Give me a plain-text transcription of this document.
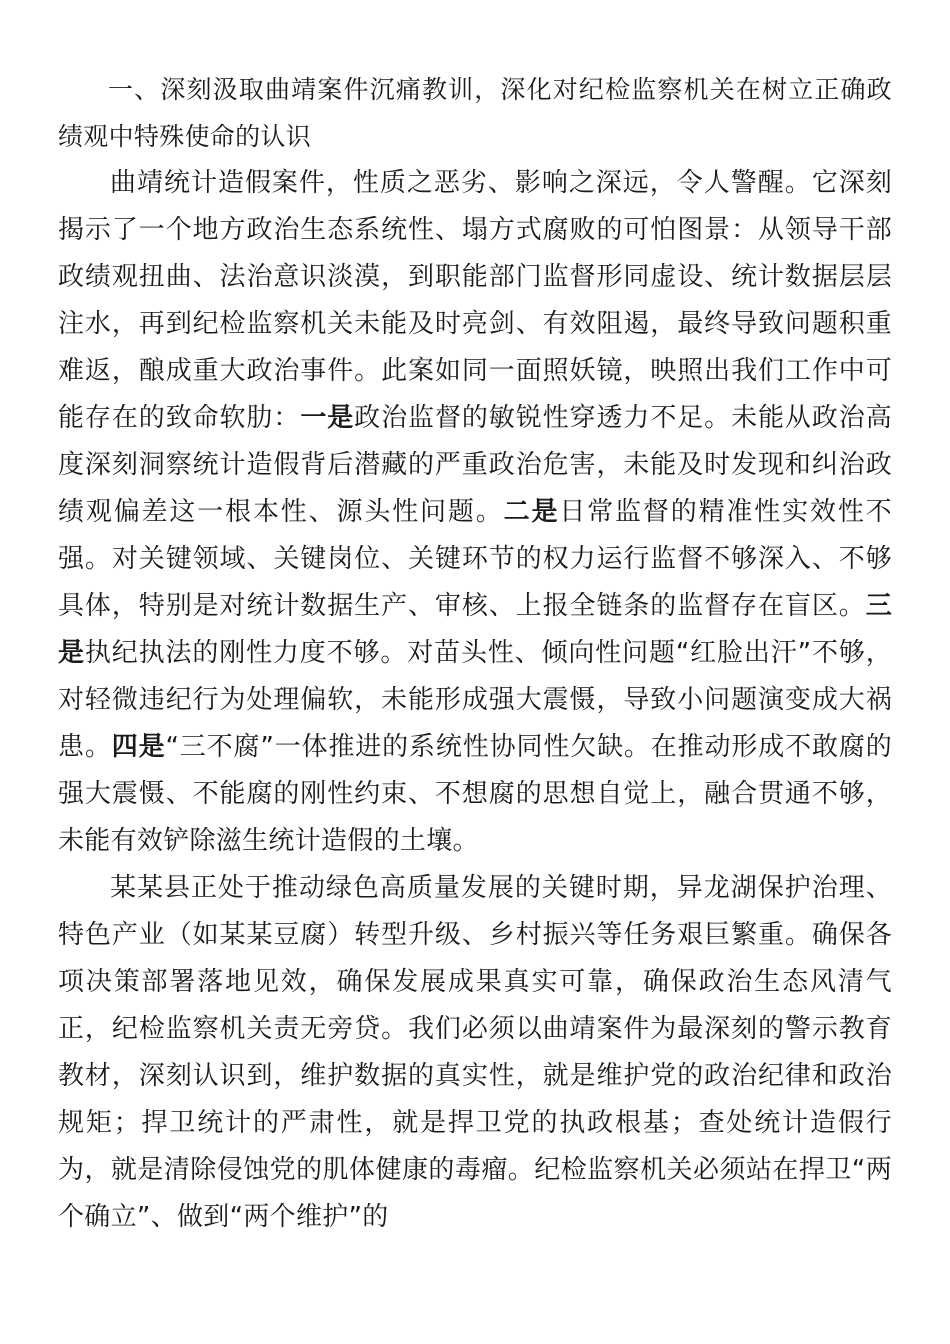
一、深刻汲取曲靖案件沉痛教训，深化对纪检监察机关在树立正确政绩观中特殊使命的认识

曲靖统计造假案件，性质之恶劣、影响之深远，令人警醒。它深刻揭示了一个地方政治生态系统性、塌方式腐败的可怕图景：从领导干部政绩观扭曲、法治意识淡漠，到职能部门监督形同虚设、统计数据层层注水，再到纪检监察机关未能及时亮剑、有效阻遏，最终导致问题积重难返，酿成重大政治事件。此案如同一面照妖镜，映照出我们工作中可能存在的致命软肋：一是政治监督的敏锐性穿透力不足。未能从政治高度深刻洞察统计造假背后潜藏的严重政治危害，未能及时发现和纠治政绩观偏差这一根本性、源头性问题。二是日常监督的精准性实效性不强。对关键领域、关键岗位、关键环节的权力运行监督不够深入、不够具体，特别是对统计数据生产、审核、上报全链条的监督存在盲区。三是执纪执法的刚性力度不够。对苗头性、倾向性问题“红脸出汗”不够，对轻微违纪行为处理偏软，未能形成强大震慑，导致小问题演变成大祸患。四是“三不腐”一体推进的系统性协同性欠缺。在推动形成不敢腐的强大震慑、不能腐的刚性约束、不想腐的思想自觉上，融合贯通不够，未能有效铲除滋生统计造假的土壤。

某某县正处于推动绿色高质量发展的关键时期，异龙湖保护治理、特色产业（如某某豆腐）转型升级、乡村振兴等任务艰巨繁重。确保各项决策部署落地见效，确保发展成果真实可靠，确保政治生态风清气正，纪检监察机关责无旁贷。我们必须以曲靖案件为最深刻的警示教育教材，深刻认识到，维护数据的真实性，就是维护党的政治纪律和政治规矩；捍卫统计的严肃性，就是捍卫党的执政根基；查处统计造假行为，就是清除侵蚀党的肌体健康的毒瘤。纪检监察机关必须站在捍卫“两个确立”、做到“两个维护”的
